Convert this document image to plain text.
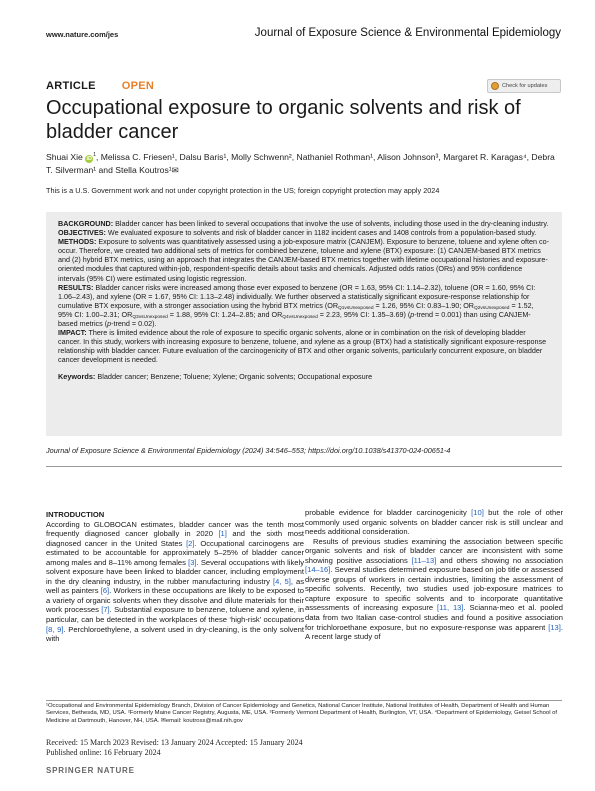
www.nature.com/jes	Journal of Exposure Science & Environmental Epidemiology
ARTICLE OPEN	Check for updates
Occupational exposure to organic solvents and risk of bladder cancer
Shuai Xie $iD^1$, Melissa C. Friesen¹, Dalsu Baris¹, Molly Schwenn², Nathaniel Rothman¹, Alison Johnson³, Margaret R. Karagas⁴, Debra T. Silverman¹ and Stella Koutros¹✉
This is a U.S. Government work and not under copyright protection in the US; foreign copyright protection may apply 2024

BACKGROUND: Bladder cancer has been linked to several occupations that involve the use of solvents, including those used in the dry-cleaning industry.

OBJECTIVES: We evaluated exposure to solvents and risk of bladder cancer in 1182 incident cases and 1408 controls from a population-based study.

METHODS: Exposure to solvents was quantitatively assessed using a job-exposure matrix (CANJEM). Exposure to benzene, toluene and xylene often co-occur. Therefore, we created two additional sets of metrics for combined benzene, toluene and xylene (BTX) exposure: (1) CANJEM-based BTX metrics and (2) hybrid BTX metrics, using an approach that integrates the CANJEM-based BTX metrics together with lifetime occupational histories and exposure-oriented modules that captured within-job, respondent-specific details about tasks and chemicals. Adjusted odds ratios (ORs) and 95% confidence intervals (95% CI) were estimated using logistic regression.

RESULTS: Bladder cancer risks were increased among those ever exposed to benzene (OR = 1.63, 95% CI: 1.14–2.32), toluene (OR = 1.60, 95% CI: 1.06–2.43), and xylene (OR = 1.67, 95% CI: 1.13–2.48) individually. We further observed a statistically significant exposure-response relationship for cumulative BTX exposure, with a stronger association using the hybrid BTX metrics ($OR_{Q1vsUnexposed} = 1.26$, 95% CI: 0.83–1.90; $OR_{Q2vsUnexposed} = 1.52$, 95% CI: 1.00–2.31; $OR_{Q3vsUnexposed} = 1.88$, 95% CI: 1.24–2.85; and $OR_{Q4vsUnexposed} = 2.23$, 95% CI: 1.35–3.69) (p-trend = 0.001) than using CANJEM-based metrics (p-trend = 0.02).

IMPACT: There is limited evidence about the role of exposure to specific organic solvents, alone or in combination on the risk of developing bladder cancer. In this study, workers with increasing exposure to benzene, toluene, and xylene as a group (BTX) had a statistically significant exposure-response relationship with bladder cancer. Future evaluation of the carcinogenicity of BTX and other organic solvents, particularly concurrent exposure, on bladder cancer development is needed.

Keywords: Bladder cancer; Benzene; Toluene; Xylene; Organic solvents; Occupational exposure

Journal of Exposure Science & Environmental Epidemiology (2024) 34:546–553; https://doi.org/10.1038/s41370-024-00651-4
INTRODUCTION
According to GLOBOCAN estimates, bladder cancer was the tenth most frequently diagnosed cancer globally in 2020 [1] and the sixth most diagnosed cancer in the United States [2]. Occupational carcinogens are estimated to be accountable for approximately 5–25% of bladder cancer among males and 8–11% among females [3]. Several occupations with likely solvent exposure have been linked to bladder cancer, including employment in the dry cleaning industry, in the rubber manufacturing industry [4, 5], as well as painters [6]. Workers in these occupations are likely to be exposed to a variety of organic solvents when they dissolve and dilute materials for their work processes [7]. Substantial exposure to benzene, toluene and xylene, in particular, can be detected in the workplaces of these ‘high-risk’ occupations [8, 9]. Perchloroethylene, a solvent used in dry-cleaning, is the only solvent with
probable evidence for bladder carcinogenicity [10] but the role of other commonly used organic solvents on bladder cancer risk is still unclear and needs additional consideration.
Results of previous studies examining the association between specific organic solvents and risk of bladder cancer are inconsistent with some showing positive associations [11–13] and others showing no association [14–16]. Several studies determined exposure based on job title or assessed diverse groups of workers in certain industries, limiting the assessment of specific solvents. Recently, two studies used job-exposure matrices to capture exposure to specific solvents and to incorporate quantitative assessments of increasing exposure [11, 13]. Scianna-meo et al. pooled data from two Italian case-control studies and found a positive association for trichloroethane exposure, but no exposure-response was apparent [13]. A recent large study of
¹Occupational and Environmental Epidemiology Branch, Division of Cancer Epidemiology and Genetics, National Cancer Institute, National Institutes of Health, Department of Health and Human Services, Bethesda, MD, USA. ²Formerly Maine Cancer Registry, Augusta, ME, USA. ³Formerly Vermont Department of Health, Burlington, VT, USA. ⁴Department of Epidemiology, Geisel School of Medicine at Dartmouth, Hanover, NH, USA. ✉email: koutross@mail.nih.gov
Received: 15 March 2023 Revised: 13 January 2024 Accepted: 15 January 2024
Published online: 16 February 2024
SPRINGER NATURE
